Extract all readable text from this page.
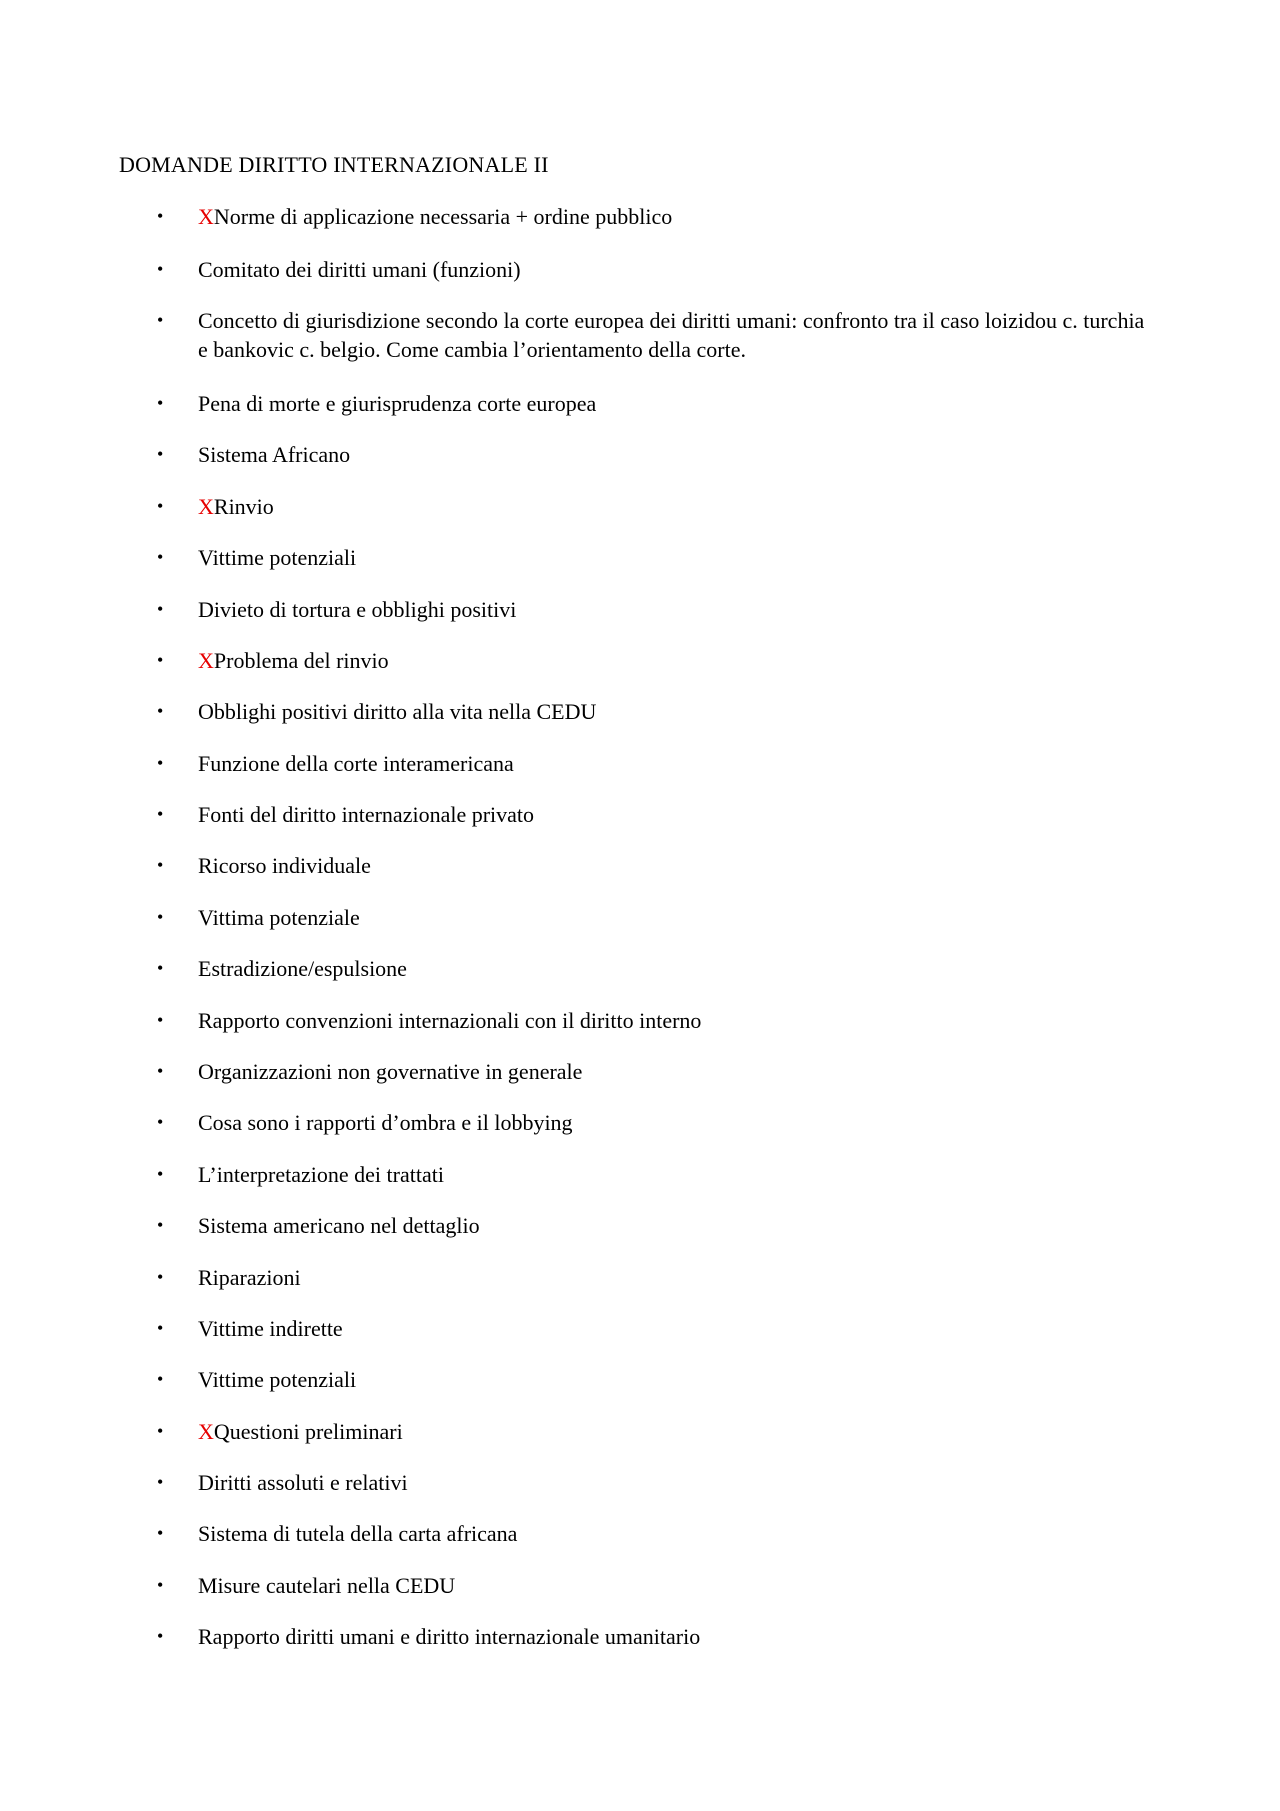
DOMANDE DIRITTO INTERNAZIONALE II
•	XNorme di applicazione necessaria + ordine pubblico
•	Comitato dei diritti umani (funzioni)
•	Concetto di giurisdizione secondo la corte europea dei diritti umani: confronto tra il caso loizidou c. turchia e bankovic c. belgio. Come cambia l’orientamento della corte.
•	Pena di morte e giurisprudenza corte europea
•	Sistema Africano
•	XRinvio
•	Vittime potenziali
•	Divieto di tortura e obblighi positivi
•	XProblema del rinvio
•	Obblighi positivi diritto alla vita nella CEDU
•	Funzione della corte interamericana
•	Fonti del diritto internazionale privato
•	Ricorso individuale
•	Vittima potenziale
•	Estradizione/espulsione
•	Rapporto convenzioni internazionali con il diritto interno
•	Organizzazioni non governative in generale
•	Cosa sono i rapporti d’ombra e il lobbying
•	L’interpretazione dei trattati
•	Sistema americano nel dettaglio
•	Riparazioni
•	Vittime indirette
•	Vittime potenziali
•	XQuestioni preliminari
•	Diritti assoluti e relativi
•	Sistema di tutela della carta africana
•	Misure cautelari nella CEDU
•	Rapporto diritti umani e diritto internazionale umanitario
